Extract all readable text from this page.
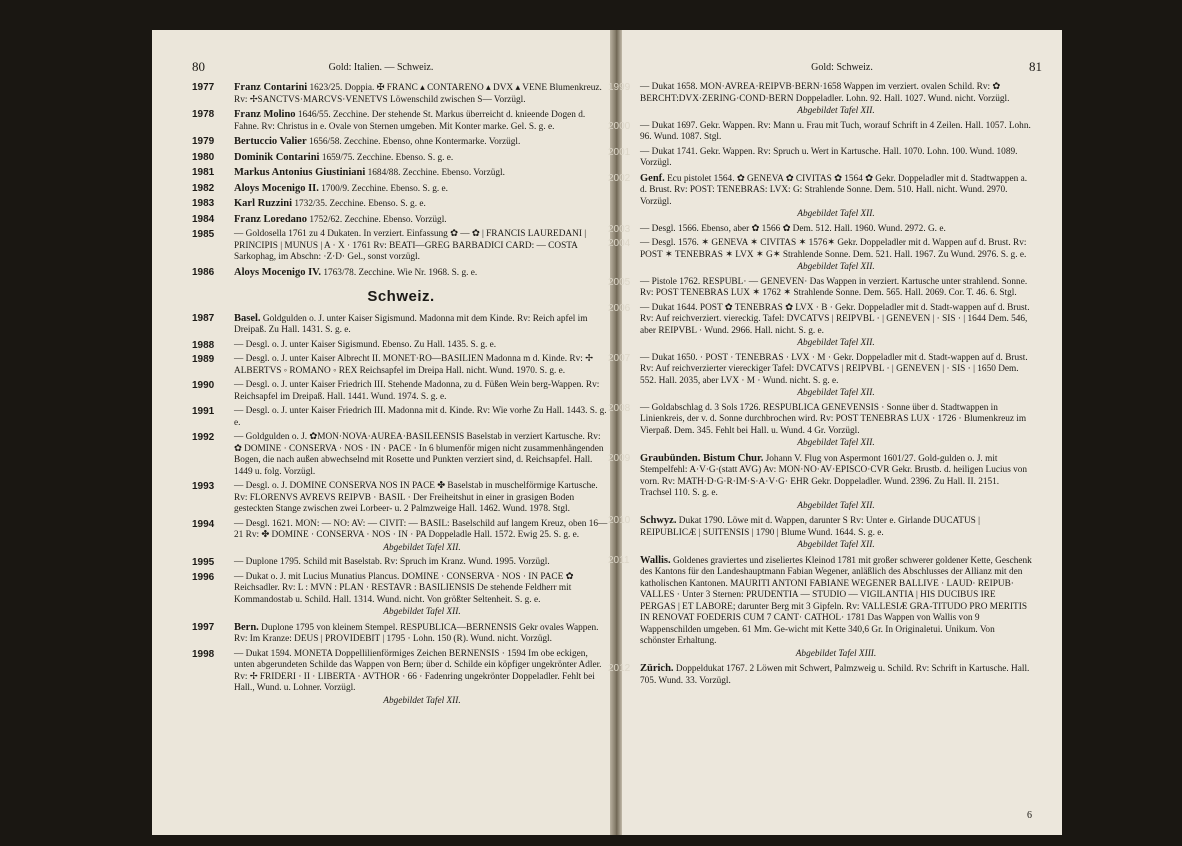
80	Gold: Italien. — Schweiz.
1977 Franz Contarini 1623/25. Doppia. ✠ FRANC ▴ CONTARENO ▴ DVX ▴ VENE Blumenkreuz. Rv: ✢SANCTVS·MARCVS·VENETVS Löwenschild zwischen S— Vorzügl.
1978 Franz Molino 1646/55. Zecchine. Der stehende St. Markus überreicht d. knieende Dogen d. Fahne. Rv: Christus in e. Ovale von Sternen umgeben. Mit Konter marke. Gel. S. g. e.
1979 Bertuccio Valier 1656/58. Zecchine. Ebenso, ohne Kontermarke. Vorzügl.
1980 Dominik Contarini 1659/75. Zecchine. Ebenso. S. g. e.
1981 Markus Antonius Giustiniani 1684/88. Zecchine. Ebenso. Vorzügl.
1982 Aloys Mocenigo II. 1700/9. Zecchine. Ebenso. S. g. e.
1983 Karl Ruzzini 1732/35. Zecchine. Ebenso. S. g. e.
1984 Franz Loredano 1752/62. Zecchine. Ebenso. Vorzügl.
1985 — Goldosella 1761 zu 4 Dukaten. In verziert. Einfassung ✿ — ✿ | FRANCIS LAUREDANI | PRINCIPIS | MUNUS | A · X · 1761 Rv: BEATI—GREG BARBADICI CARD: — COSTA Sarkophag, im Abschn: ·Z·D· Gel., sonst vorzügl.
1986 Aloys Mocenigo IV. 1763/78. Zecchine. Wie Nr. 1968. S. g. e.
Schweiz.
1987 Basel. Goldgulden o. J. unter Kaiser Sigismund. Madonna mit dem Kinde. Rv: Reich apfel im Dreipaß. Zu Hall. 1431. S. g. e.
1988 — Desgl. o. J. unter Kaiser Sigismund. Ebenso. Zu Hall. 1435. S. g. e.
1989 — Desgl. o. J. unter Kaiser Albrecht II. MONET·RO—BASILIEN Madonna m d. Kinde. Rv: ✢ ALBERTVS ◦ ROMANO ◦ REX Reichsapfel im Dreipa Hall. nicht. Wund. 1970. S. g. e.
1990 — Desgl. o. J. unter Kaiser Friedrich III. Stehende Madonna, zu d. Füßen Wein berg-Wappen. Rv: Reichsapfel im Dreipaß. Hall. 1441. Wund. 1974. S. g. e.
1991 — Desgl. o. J. unter Kaiser Friedrich III. Madonna mit d. Kinde. Rv: Wie vorhe Zu Hall. 1443. S. g. e.
1992 — Goldgulden o. J. ✿MON·NOVA·AUREA·BASILEENSIS Baselstab in verziert Kartusche. Rv: ✿ DOMINE · CONSERVA · NOS · IN · PACE · In 6 blumenför migen nicht zusammenhängenden Bogen, die nach außen abwechselnd mit Rosette und Punkten verziert sind, d. Reichsapfel. Hall. 1449 u. folg. Vorzügl.
1993 — Desgl. o. J. DOMINE CONSERVA NOS IN PACE ✤ Baselstab in muschelförmige Kartusche. Rv: FLORENVS AVREVS REIPVB · BASIL · Der Freiheitshut in einer in grasigen Boden gesteckten Stange zwischen zwei Lorbeer- u. 2 Palmzweige Hall. 1462. Wund. 1978. Stgl.
1994 — Desgl. 1621. MON: — NO: AV: — CIVIT: — BASIL: Baselschild auf langem Kreuz, oben 16—21 Rv: ✤ DOMINE · CONSERVA · NOS · IN · PA Doppeladle Hall. 1572. Ewig 25. S. g. e.
Abgebildet Tafel XII.
1995 — Duplone 1795. Schild mit Baselstab. Rv: Spruch im Kranz. Wund. 1995. Vorzügl.
1996 — Dukat o. J. mit Lucius Munatius Plancus. DOMINE · CONSERVA · NOS · IN PACE ✿ Reichsadler. Rv: L : MVN : PLAN · RESTAVR : BASILIENSIS De stehende Feldherr mit Kommandostab u. Schild. Hall. 1314. Wund. nicht. Von größter Seltenheit. S. g. e.
Abgebildet Tafel XII.
1997 Bern. Duplone 1795 von kleinem Stempel. RESPUBLICA—BERNENSIS Gekr ovales Wappen. Rv: Im Kranze: DEUS | PROVIDEBIT | 1795 · Lohn. 150 (R). Wund. nicht. Vorzügl.
1998 — Dukat 1594. MONETA Doppellilienförmiges Zeichen BERNENSIS · 1594 Im obe eckigen, unten abgerundeten Schilde das Wappen von Bern; über d. Schilde ein köpfiger ungekrönter Adler. Rv: ✢ FRIDERI · II · LIBERTA · AVTHOR · 66 · Fadenring ungekrönter Doppeladler. Fehlt bei Hall., Wund. u. Lohner. Vorzügl.
Abgebildet Tafel XII.
Gold: Schweiz.	81
1999 — Dukat 1658. MON·AVREA·REIPVB·BERN·1658 Wappen im verziert. ovalen Schild. Rv: ✿ BERCHT:DVX·ZERING·COND·BERN Doppeladler. Lohn. 92. Hall. 1027. Wund. nicht. Vorzügl.
Abgebildet Tafel XII.
2000 — Dukat 1697. Gekr. Wappen. Rv: Mann u. Frau mit Tuch, worauf Schrift in 4 Zeilen. Hall. 1057. Lohn. 96. Wund. 1087. Stgl.
2001 — Dukat 1741. Gekr. Wappen. Rv: Spruch u. Wert in Kartusche. Hall. 1070. Lohn. 100. Wund. 1089. Vorzügl.
2002 Genf. Ecu pistolet 1564. ✿ GENEVA ✿ CIVITAS ✿ 1564 ✿ Gekr. Doppeladler mit d. Stadtwappen a. d. Brust. Rv: POST: TENEBRAS: LVX: G: Strahlende Sonne. Dem. 510. Hall. nicht. Wund. 2970. Vorzügl.
Abgebildet Tafel XII.
2003 — Desgl. 1566. Ebenso, aber ✿ 1566 ✿ Dem. 512. Hall. 1960. Wund. 2972. G. e.
2004 — Desgl. 1576. ✶ GENEVA ✶ CIVITAS ✶ 1576✶ Gekr. Doppeladler mit d. Wappen auf d. Brust. Rv: POST ✶ TENEBRAS ✶ LVX ✶ G✶ Strahlende Sonne. Dem. 521. Hall. 1967. Zu Wund. 2976. S. g. e.
Abgebildet Tafel XII.
2005 — Pistole 1762. RESPUBL· — GENEVEN· Das Wappen in verziert. Kartusche unter strahlend. Sonne. Rv: POST TENEBRAS LUX ✶ 1762 ✶ Strahlende Sonne. Dem. 565. Hall. 2069. Cor. T. 46. 6. Stgl.
2006 — Dukat 1644. POST ✿ TENEBRAS ✿ LVX · B · Gekr. Doppeladler mit d. Stadt-wappen auf d. Brust. Rv: Auf reichverziert. viereckig. Tafel: DVCATVS | REIPVBL · | GENEVEN | · SIS · | 1644 Dem. 546, aber REIPVBL · Wund. 2966. Hall. nicht. S. g. e.
Abgebildet Tafel XII.
2007 — Dukat 1650. · POST · TENEBRAS · LVX · M · Gekr. Doppeladler mit d. Stadt-wappen auf d. Brust. Rv: Auf reichverzierter viereckiger Tafel: DVCATVS | REIPVBL · | GENEVEN | · SIS · | 1650 Dem. 552. Hall. 2035, aber LVX · M · Wund. nicht. S. g. e.
Abgebildet Tafel XII.
2008 — Goldabschlag d. 3 Sols 1726. RESPUBLICA GENEVENSIS · Sonne über d. Stadtwappen in Linienkreis, der v. d. Sonne durchbrochen wird. Rv: POST TENEBRAS LUX · 1726 · Blumenkreuz im Vierpaß. Dem. 345. Fehlt bei Hall. u. Wund. 4 Gr. Vorzügl.
Abgebildet Tafel XII.
2009 Graubünden. Bistum Chur. Johann V. Flug von Aspermont 1601/27. Gold-gulden o. J. mit Stempelfehl: A·V·G·(statt AVG) Av: MON·NO·AV·EPISCO·CVR Gekr. Brustb. d. heiligen Lucius von vorn. Rv: MATH·D·G·R·IM·S·A·V·G· EHR Gekr. Doppeladler. Wund. 2396. Zu Hall. II. 2151. Trachsel 110. S. g. e.
Abgebildet Tafel XII.
2010 Schwyz. Dukat 1790. Löwe mit d. Wappen, darunter S Rv: Unter e. Girlande DUCATUS | REIPUBLICÆ | SUITENSIS | 1790 | Blume Wund. 1644. S. g. e.
Abgebildet Tafel XII.
2011 Wallis. Goldenes graviertes und ziseliertes Kleinod 1781 mit großer schwerer goldener Kette, Geschenk des Kantons für den Landeshauptmann Fabian Wegener, anläßlich des Abschlusses der Allianz mit den katholischen Kantonen. MAURITI ANTONI FABIANE WEGENER BALLIVE · LAUD· REIPUB· VALLES · Unter 3 Sternen: PRUDENTIA — STUDIO — VIGILANTIA | HIS DUCIBUS IRE PERGAS | ET LABORE; darunter Berg mit 3 Gipfeln. Rv: VALLESIÆ GRA-TITUDO PRO MERITIS IN RENOVAT FOEDERIS CUM 7 CANT· CATHOL· 1781 Das Wappen von Wallis von 9 Wappenschilden umgeben. 61 Mm. Ge-wicht mit Kette 340,6 Gr. In Originaletui. Unikum. Von schönster Erhaltung.
Abgebildet Tafel XIII.
2012 Zürich. Doppeldukat 1767. 2 Löwen mit Schwert, Palmzweig u. Schild. Rv: Schrift in Kartusche. Hall. 705. Wund. 33. Vorzügl.
6
